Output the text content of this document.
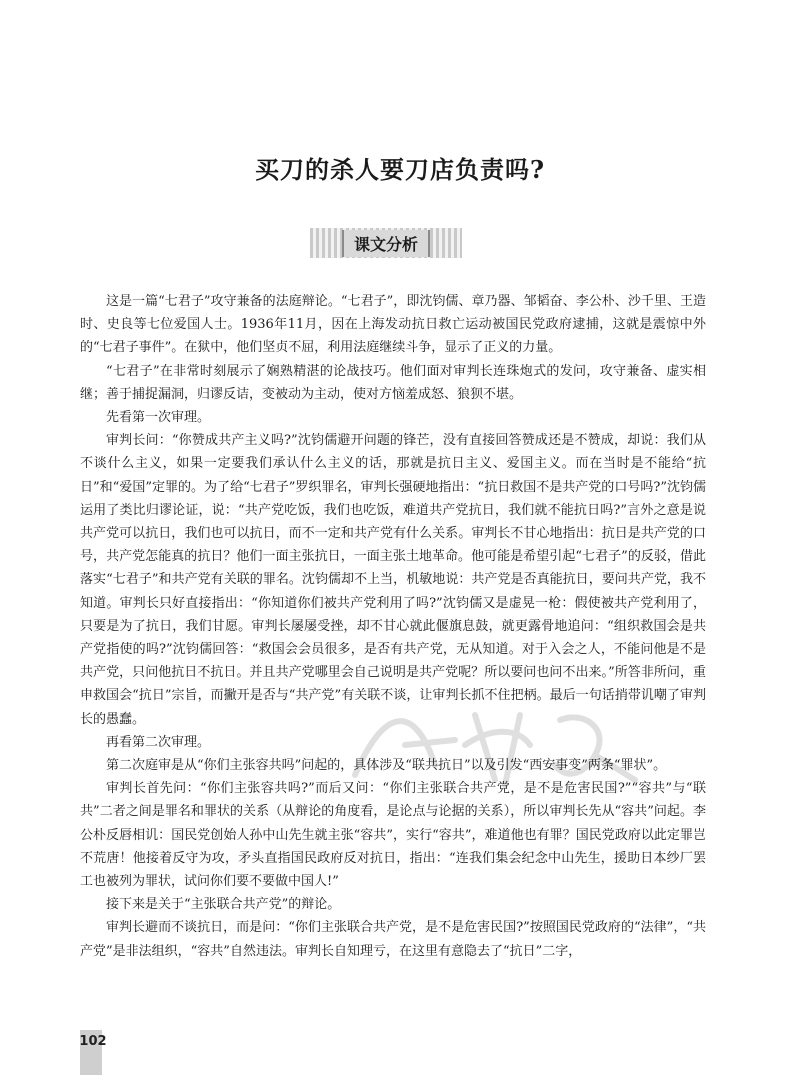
买刀的杀人要刀店负责吗?
课文分析

这是一篇“七君子”攻守兼备的法庭辩论。“七君子”，即沈钧儒、章乃器、邹韬奋、李公朴、沙千里、王造时、史良等七位爱国人士。1936年11月，因在上海发动抗日救亡运动被国民党政府逮捕，这就是震惊中外的“七君子事件”。在狱中，他们坚贞不屈，利用法庭继续斗争，显示了正义的力量。

“七君子”在非常时刻展示了娴熟精湛的论战技巧。他们面对审判长连珠炮式的发问，攻守兼备、虚实相继；善于捕捉漏洞，归谬反诘，变被动为主动，使对方恼羞成怒、狼狈不堪。

先看第一次审理。

审判长问：“你赞成共产主义吗?”沈钧儒避开问题的锋芒，没有直接回答赞成还是不赞成，却说：我们从不谈什么主义，如果一定要我们承认什么主义的话，那就是抗日主义、爱国主义。而在当时是不能给“抗日”和“爱国”定罪的。为了给“七君子”罗织罪名，审判长强硬地指出：“抗日救国不是共产党的口号吗?”沈钧儒运用了类比归谬论证，说：“共产党吃饭，我们也吃饭，难道共产党抗日，我们就不能抗日吗?”言外之意是说共产党可以抗日，我们也可以抗日，而不一定和共产党有什么关系。审判长不甘心地指出：抗日是共产党的口号，共产党怎能真的抗日？他们一面主张抗日，一面主张土地革命。他可能是希望引起“七君子”的反驳，借此落实“七君子”和共产党有关联的罪名。沈钧儒却不上当，机敏地说：共产党是否真能抗日，要问共产党，我不知道。审判长只好直接指出：“你知道你们被共产党利用了吗?”沈钧儒又是虚晃一枪：假使被共产党利用了，只要是为了抗日，我们甘愿。审判长屡屡受挫，却不甘心就此偃旗息鼓，就更露骨地追问：“组织救国会是共产党指使的吗?”沈钧儒回答：“救国会会员很多，是否有共产党，无从知道。对于入会之人，不能问他是不是共产党，只问他抗日不抗日。并且共产党哪里会自己说明是共产党呢？所以要问也问不出来。”所答非所问，重申救国会“抗日”宗旨，而撇开是否与“共产党”有关联不谈，让审判长抓不住把柄。最后一句话捎带讥嘲了审判长的愚蠢。

再看第二次审理。

第二次庭审是从“你们主张容共吗”问起的，具体涉及“联共抗日”以及引发“西安事变”两条“罪状”。

审判长首先问：“你们主张容共吗?”而后又问：“你们主张联合共产党，是不是危害民国?”“容共”与“联共”二者之间是罪名和罪状的关系（从辩论的角度看，是论点与论据的关系），所以审判长先从“容共”问起。李公朴反唇相讥：国民党创始人孙中山先生就主张“容共”，实行“容共”，难道他也有罪？国民党政府以此定罪岂不荒唐！他接着反守为攻，矛头直指国民政府反对抗日，指出：“连我们集会纪念中山先生，援助日本纱厂罢工也被列为罪状，试问你们要不要做中国人!”

接下来是关于“主张联合共产党”的辩论。

审判长避而不谈抗日，而是问：“你们主张联合共产党，是不是危害民国?”按照国民党政府的“法律”，“共产党”是非法组织，“容共”自然违法。审判长自知理亏，在这里有意隐去了“抗日”二字，

102
